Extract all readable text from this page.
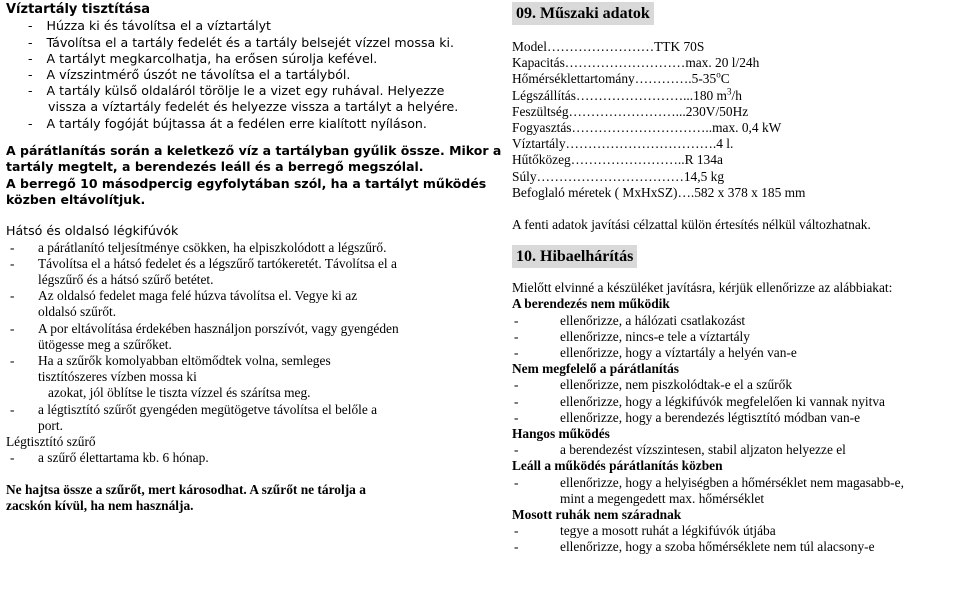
Víztartály tisztítása
- Húzza ki és távolítsa el a víztartályt
- Távolítsa el a tartály fedelét és a tartály belsejét vízzel mossa ki.
- A tartályt megkarcolhatja, ha erősen súrolja kefével.
- A vízszintmérő úszót ne távolítsa el a tartályból.
- A tartály külső oldaláról törölje le a vizet egy ruhával. Helyezze
vissza a víztartály fedelét és helyezze vissza a tartályt a helyére.
- A tartály fogóját bújtassa át a fedélen erre kialított nyíláson.
A párátlanítás során a keletkező víz a tartályban gyűlik össze. Mikor a
tartály megtelt, a berendezés leáll és a berregő megszólal.
A berregő 10 másodpercig egyfolytában szól, ha a tartályt működés
közben eltávolítjuk.
Hátsó és oldalsó légkifúvók
- a párátlanító teljesítménye csökken, ha elpiszkolódott a légszűrő.
- Távolítsa el a hátsó fedelet és a légszűrő tartókeretét. Távolítsa el a
légszűrő és a hátsó szűrő betétet.
- Az oldalsó fedelet maga felé húzva távolítsa el. Vegye ki az
oldalsó szűrőt.
- A por eltávolítása érdekében használjon porszívót, vagy gyengéden
ütögesse meg a szűrőket.
- Ha a szűrők komolyabban eltömődtek volna, semleges
tisztítószeres vízben mossa ki
azokat, jól öblítse le tiszta vízzel és szárítsa meg.
- a légtisztító szűrőt gyengéden megütögetve távolítsa el belőle a
port.
Légtisztító szűrő
- a szűrő élettartama kb. 6 hónap.
Ne hajtsa össze a szűrőt, mert károsodhat. A szűrőt ne tárolja a
zacskón kívül, ha nem használja.
09. Műszaki adatok
Model……………………TTK 70S
Kapacitás………………………max. 20 l/24h
Hőmérséklettartomány………….5-35$^o$C
Légszállítás……………………...180 $m^3/h$
Feszültség……………………...230V/50Hz
Fogyasztás…………………………..max. 0,4 kW
Víztartály…………………………….4 l.
Hűtőközeg……………………..R 134a
Súly……………………………14,5 kg
Befoglaló méretek ( MxHxSZ)….582 x 378 x 185 mm
A fenti adatok javítási célzattal külön értesítés nélkül változhatnak.
10. Hibaelhárítás
Mielőtt elvinné a készüléket javításra, kérjük ellenőrizze az alábbiakat:
A berendezés nem működik
-	ellenőrizze, a hálózati csatlakozást
-	ellenőrizze, nincs-e tele a víztartály
-	ellenőrizze, hogy a víztartály a helyén van-e
Nem megfelelő a párátlanítás
-	ellenőrizze, nem piszkolódtak-e el a szűrők
-	ellenőrizze, hogy a légkifúvók megfelelően ki vannak nyitva
-	ellenőrizze, hogy a berendezés légtisztító módban van-e
Hangos működés
-	a berendezést vízszintesen, stabil aljzaton helyezze el
Leáll a működés párátlanítás közben
-	ellenőrizze, hogy a helyiségben a hőmérséklet nem magasabb-e,
mint a megengedett max. hőmérséklet
Mosott ruhák nem száradnak
-	tegye a mosott ruhát a légkifúvók útjába
-	ellenőrizze, hogy a szoba hőmérséklete nem túl alacsony-e
